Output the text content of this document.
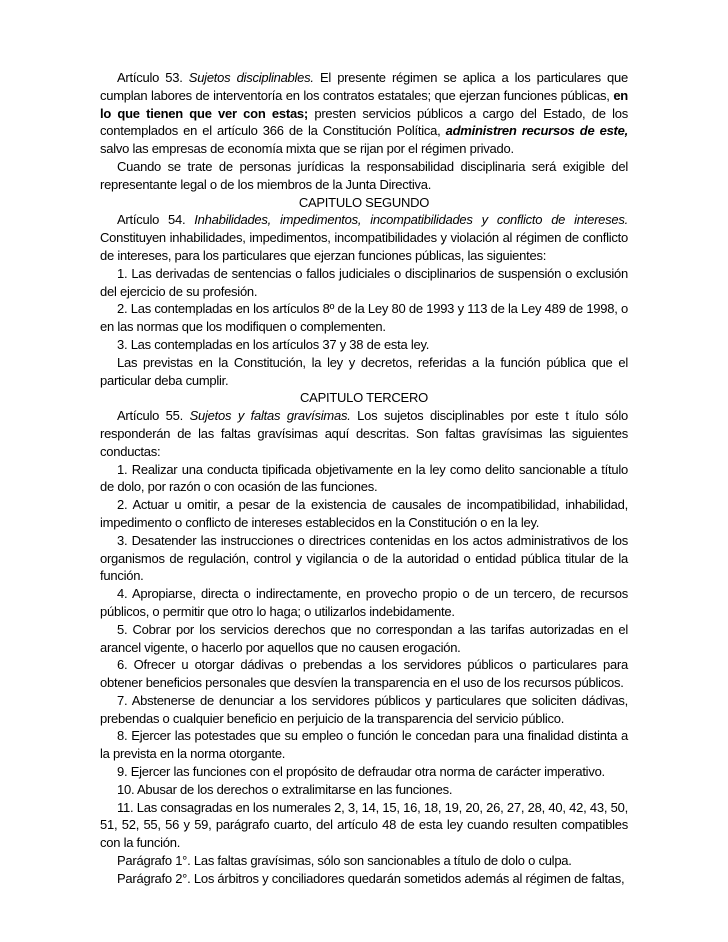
Artículo 53. Sujetos disciplinables. El presente régimen se aplica a los particulares que cumplan labores de interventoría en los contratos estatales; que ejerzan funciones públicas, en lo que tienen que ver con estas; presten servicios públicos a cargo del Estado, de los contemplados en el artículo 366 de la Constitución Política, administren recursos de este, salvo las empresas de economía mixta que se rijan por el régimen privado.

Cuando se trate de personas jurídicas la responsabilidad disciplinaria será exigible del representante legal o de los miembros de la Junta Directiva.

CAPITULO SEGUNDO

Artículo 54. Inhabilidades, impedimentos, incompatibilidades y conflicto de intereses. Constituyen inhabilidades, impedimentos, incompatibilidades y violación al régimen de conflicto de intereses, para los particulares que ejerzan funciones públicas, las siguientes:

1. Las derivadas de sentencias o fallos judiciales o disciplinarios de suspensión o exclusión del ejercicio de su profesión.

2. Las contempladas en los artículos 8º de la Ley 80 de 1993 y 113 de la Ley 489 de 1998, o en las normas que los modifiquen o complementen.

3. Las contempladas en los artículos 37 y 38 de esta ley.

Las previstas en la Constitución, la ley y decretos, referidas a la función pública que el particular deba cumplir.

CAPITULO TERCERO

Artículo 55. Sujetos y faltas gravísimas. Los sujetos disciplinables por este t ítulo sólo responderán de las faltas gravísimas aquí descritas. Son faltas gravísimas las siguientes conductas:

1. Realizar una conducta tipificada objetivamente en la ley como delito sancionable a título de dolo, por razón o con ocasión de las funciones.

2. Actuar u omitir, a pesar de la existencia de causales de incompatibilidad, inhabilidad, impedimento o conflicto de intereses establecidos en la Constitución o en la ley.

3. Desatender las instrucciones o directrices contenidas en los actos administrativos de los organismos de regulación, control y vigilancia o de la autoridad o entidad pública titular de la función.

4. Apropiarse, directa o indirectamente, en provecho propio o de un tercero, de recursos públicos, o permitir que otro lo haga; o utilizarlos indebidamente.

5. Cobrar por los servicios derechos que no correspondan a las tarifas autorizadas en el arancel vigente, o hacerlo por aquellos que no causen erogación.

6. Ofrecer u otorgar dádivas o prebendas a los servidores públicos o particulares para obtener beneficios personales que desvíen la transparencia en el uso de los recursos públicos.

7. Abstenerse de denunciar a los servidores públicos y particulares que soliciten dádivas, prebendas o cualquier beneficio en perjuicio de la transparencia del servicio público.

8. Ejercer las potestades que su empleo o función le concedan para una finalidad distinta a la prevista en la norma otorgante.

9. Ejercer las funciones con el propósito de defraudar otra norma de carácter imperativo.

10. Abusar de los derechos o extralimitarse en las funciones.

11. Las consagradas en los numerales 2, 3, 14, 15, 16, 18, 19, 20, 26, 27, 28, 40, 42, 43, 50, 51, 52, 55, 56 y 59, parágrafo cuarto, del artículo 48 de esta ley cuando resulten compatibles con la función.

Parágrafo 1°. Las faltas gravísimas, sólo son sancionables a título de dolo o culpa.

Parágrafo 2°. Los árbitros y conciliadores quedarán sometidos además al régimen de faltas,
